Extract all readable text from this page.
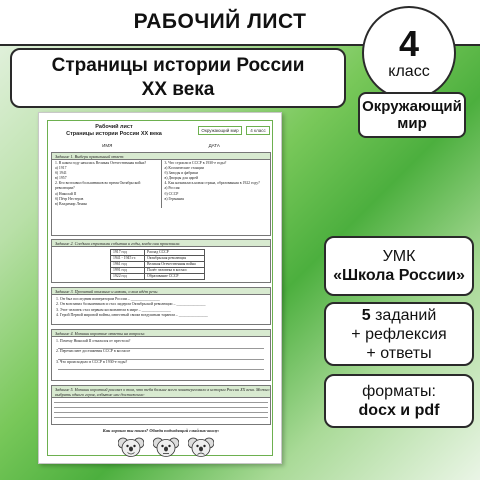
РАБОЧИЙ ЛИСТ
Страницы истории России
XX века
4
класс
Окружающий
мир
УМК
«Школа России»
5 заданий
+ рефлексия
+ ответы
форматы:
docx и pdf
Рабочий лист
Страницы истории России XX века
Окружающий мир	4 класс
ИМЯ	ДАТА
Задание 1. Выбери правильный ответ:
1. В каком году началась Великая Отечественная война?
а) 1917
б) 1941
в) 1957
2. Кто возглавил большевиков во время Октябрьской революции?
а) Николай II
б) Пётр Нестеров
в) Владимир Ленин
3. Что строили в СССР в 1930-е годы?
а) Космические станции
б) Заводы и фабрики
в) Дворцы для царей
4. Как называлась новая страна, образованная в 1922 году?
а) Россия
б) СССР
в) Германия
Задание 2. Соедини стрелками события и годы, когда они произошли:
1917 год	Распад СССР
1941 - 1945 гг.	Октябрьская революция
1961 год	Великая Отечественная война
1991 год	Полёт человека в космос
1922 год	Образование СССР
Задание 3. Прочитай описание и назови, о ком идёт речь:
1. Он был последним императором России – _______________
2. Он возглавил большевиков и стал лидером Октябрьской революции – _______________
3. Этот человек стал первым космонавтом в мире – _______________
4. Герой Первой мировой войны, известный своим воздушным тараном – _______________
Задание 4. Напиши короткие ответы на вопросы:
1. Почему Николай II отказался от престола?
2. Перечислите достижения СССР в космосе
3. Что происходило в СССР в 1930-е годы?
Задание 5. Напиши короткий рассказ о том, что тебя больше всего заинтересовало в истории России XX века. Можно выбрать одного героя, событие или достижение:
Как хорошо ты понял? Обведи подходящий смайлик-коалу:
